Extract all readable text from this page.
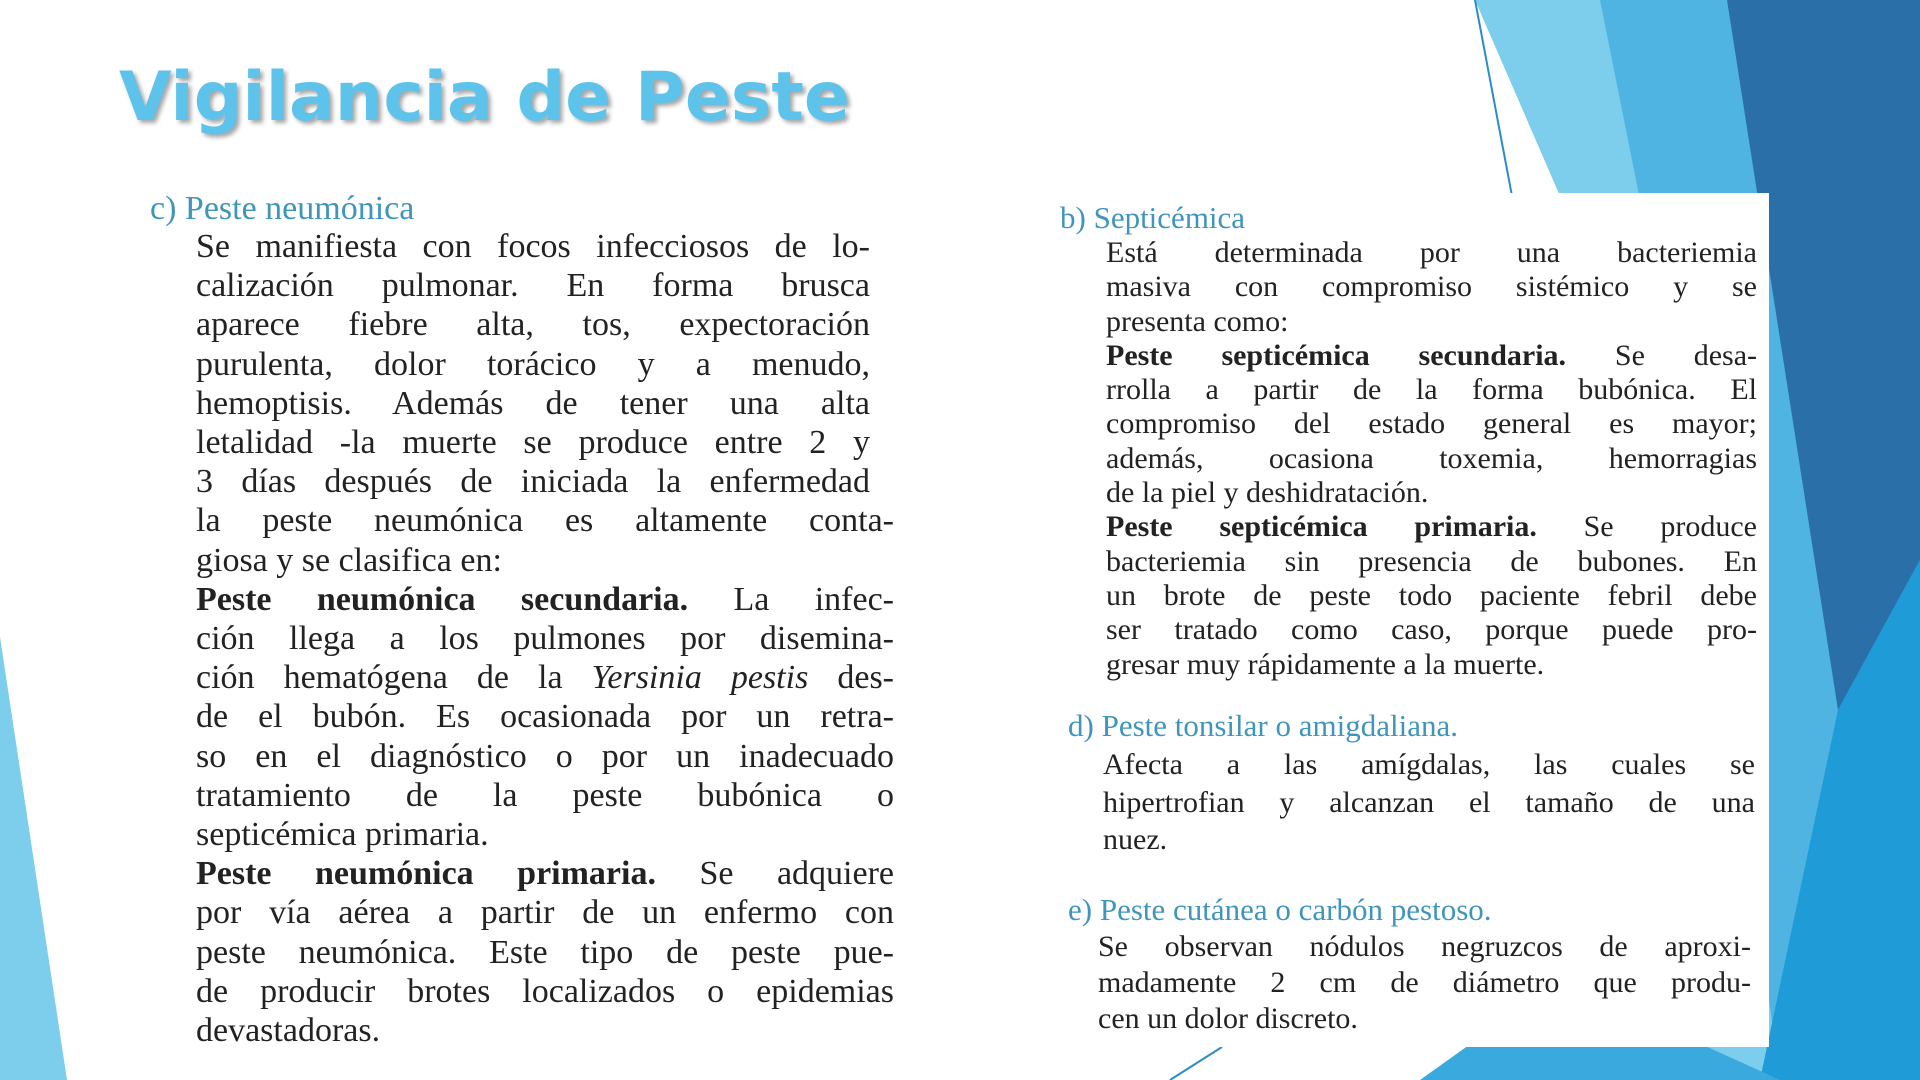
Vigilancia de Peste
c) Peste neumónica
Se manifiesta con focos infecciosos de lo-
calización pulmonar. En forma brusca
aparece fiebre alta, tos, expectoración
purulenta, dolor torácico y a menudo,
hemoptisis. Además de tener una alta
letalidad -la muerte se produce entre 2 y
3 días después de iniciada la enfermedad
la peste neumónica es altamente conta-
giosa y se clasifica en:
Peste neumónica secundaria. La infec-
ción llega a los pulmones por disemina-
ción hematógena de la Yersinia pestis des-
de el bubón. Es ocasionada por un retra-
so en el diagnóstico o por un inadecuado
tratamiento de la peste bubónica o
septicémica primaria.
Peste neumónica primaria. Se adquiere
por vía aérea a partir de un enfermo con
peste neumónica. Este tipo de peste pue-
de producir brotes localizados o epidemias
devastadoras.
b) Septicémica
Está determinada por una bacteriemia
masiva con compromiso sistémico y se
presenta como:
Peste septicémica secundaria. Se desa-
rrolla a partir de la forma bubónica. El
compromiso del estado general es mayor;
además, ocasiona toxemia, hemorragias
de la piel y deshidratación.
Peste septicémica primaria. Se produce
bacteriemia sin presencia de bubones. En
un brote de peste todo paciente febril debe
ser tratado como caso, porque puede pro-
gresar muy rápidamente a la muerte.
d) Peste tonsilar o amigdaliana.
Afecta a las amígdalas, las cuales se
hipertrofian y alcanzan el tamaño de una
nuez.
e) Peste cutánea o carbón pestoso.
Se observan nódulos negruzcos de aproxi-
madamente 2 cm de diámetro que produ-
cen un dolor discreto.
